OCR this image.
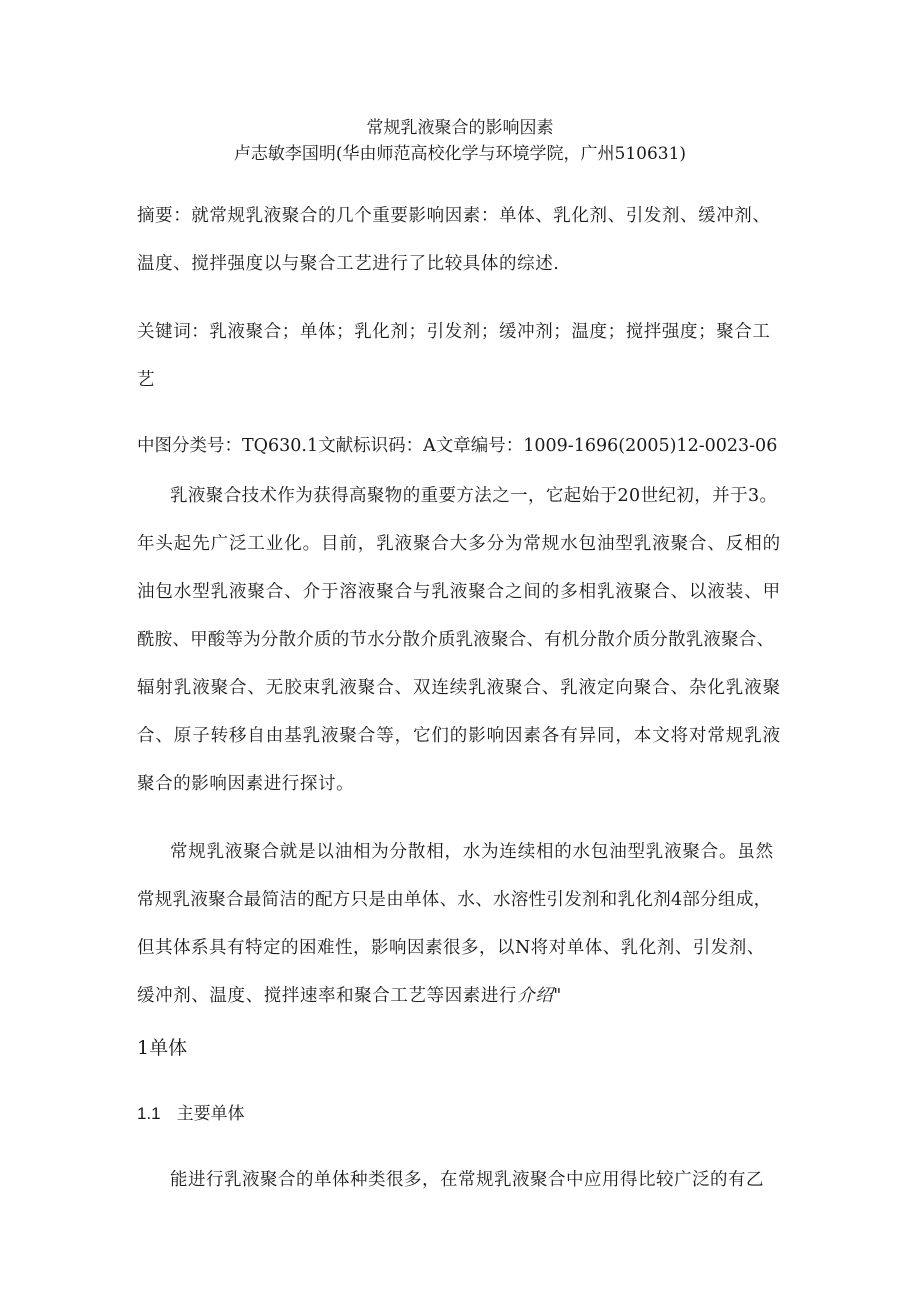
常规乳液聚合的影响因素
卢志敏李国明(华由师范高校化学与环境学院，广州510631)
摘要：就常规乳液聚合的几个重要影响因素：单体、乳化剂、引发剂、缓冲剂、
温度、搅拌强度以与聚合工艺进行了比较具体的综述.
关键词：乳液聚合；单体；乳化剂；引发剂；缓冲剂；温度；搅拌强度；聚合工
艺
中图分类号：TQ630.1文献标识码：A文章编号：1009-1696(2005)12-0023-06
乳液聚合技术作为获得高聚物的重要方法之一，它起始于20世纪初，并于3。
年头起先广泛工业化。目前，乳液聚合大多分为常规水包油型乳液聚合、反相的
油包水型乳液聚合、介于溶液聚合与乳液聚合之间的多相乳液聚合、以液装、甲
酰胺、甲酸等为分散介质的节水分散介质乳液聚合、有机分散介质分散乳液聚合、
辐射乳液聚合、无胶束乳液聚合、双连续乳液聚合、乳液定向聚合、杂化乳液聚
合、原子转移自由基乳液聚合等，它们的影响因素各有异同，本文将对常规乳液
聚合的影响因素进行探讨。
常规乳液聚合就是以油相为分散相，水为连续相的水包油型乳液聚合。虽然
常规乳液聚合最简洁的配方只是由单体、水、水溶性引发剂和乳化剂4部分组成，
但其体系具有特定的困难性，影响因素很多，以N将对单体、乳化剂、引发剂、
缓冲剂、温度、搅拌速率和聚合工艺等因素进行介绍"
1单体
1.1 主要单体
能进行乳液聚合的单体种类很多，在常规乳液聚合中应用得比较广泛的有乙
